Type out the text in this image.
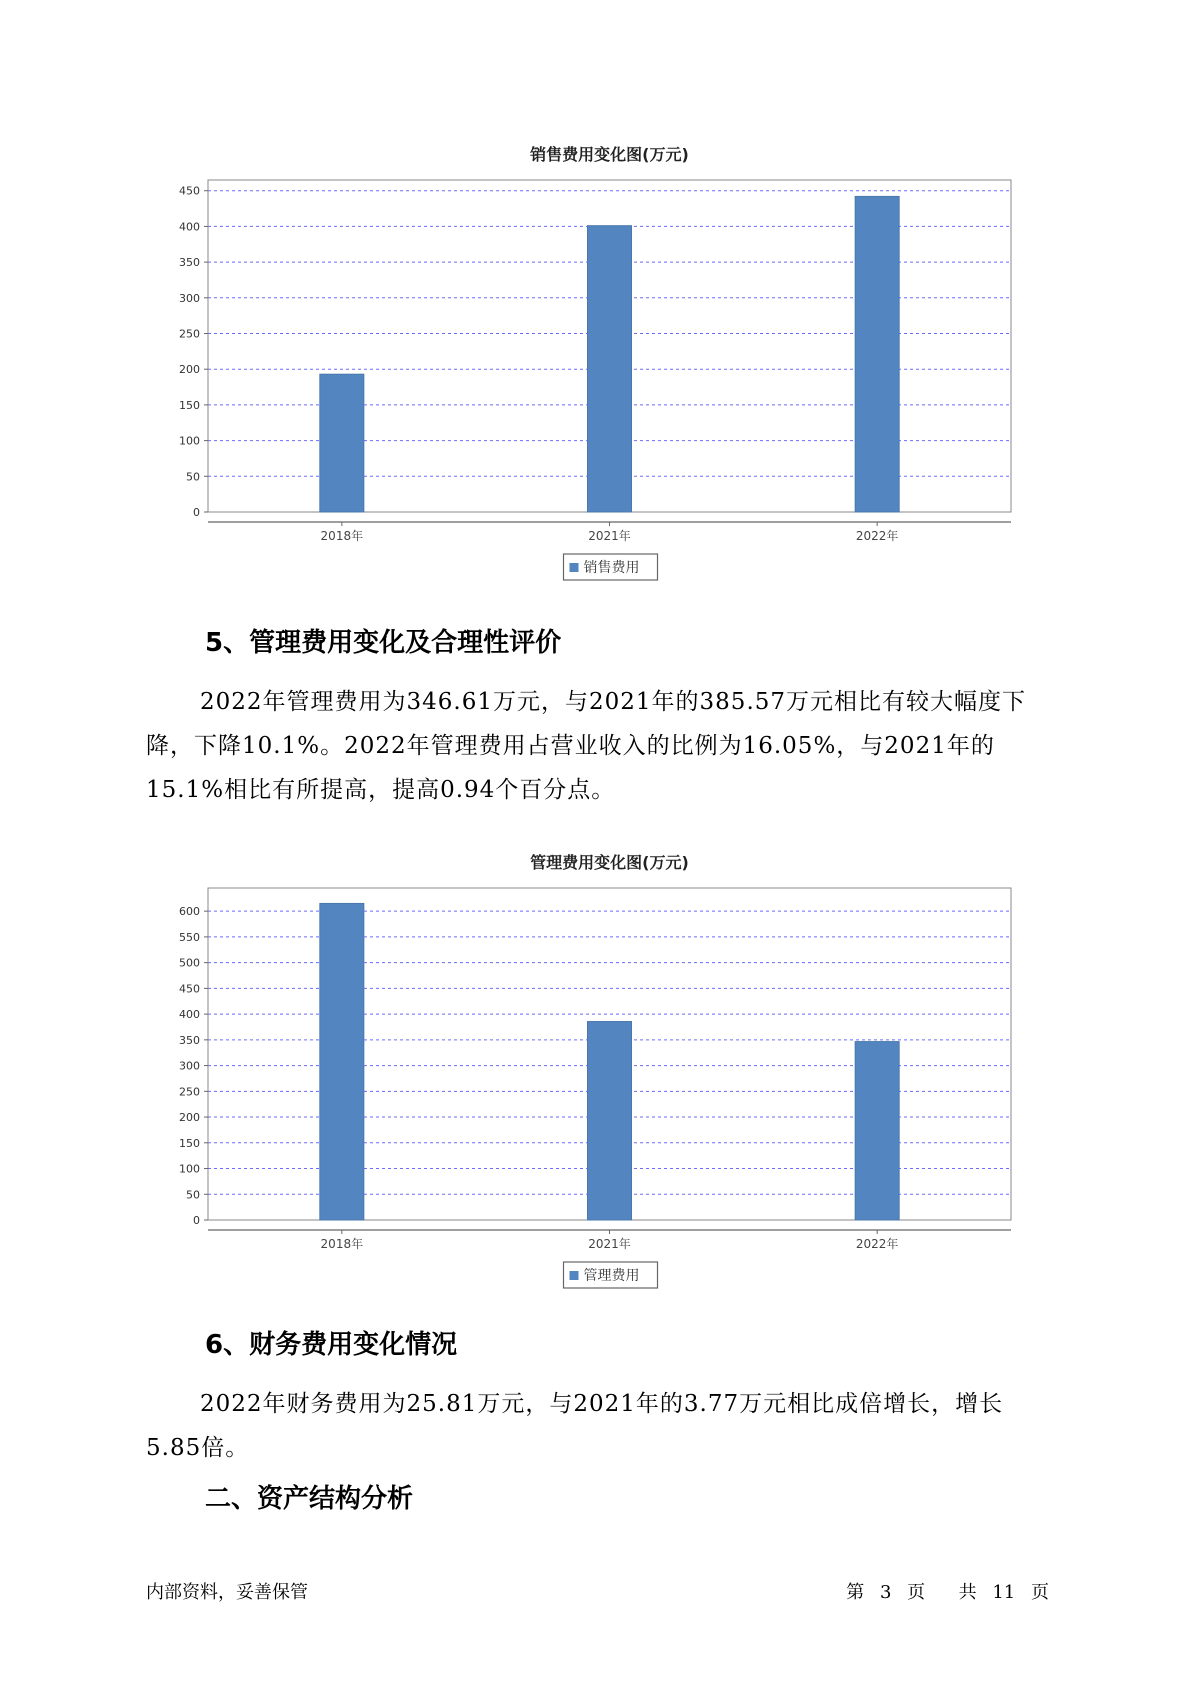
销售费用变化图(万元)
0
50
100
150
200
250
300
350
400
450
2018年	2021年	2022年
销售费用
5、管理费用变化及合理性评价

2022年管理费用为346.61万元，与2021年的385.57万元相比有较大幅度下降，下降10.1%。2022年管理费用占营业收入的比例为16.05%，与2021年的15.1%相比有所提高，提高0.94个百分点。

管理费用变化图(万元)
0
50
100
150
200
250
300
350
400
450
500
550
600
2018年	2021年	2022年
管理费用
6、财务费用变化情况

2022年财务费用为25.81万元，与2021年的3.77万元相比成倍增长，增长5.85倍。

二、资产结构分析
内部资料，妥善保管	第 3 页 共 11 页
